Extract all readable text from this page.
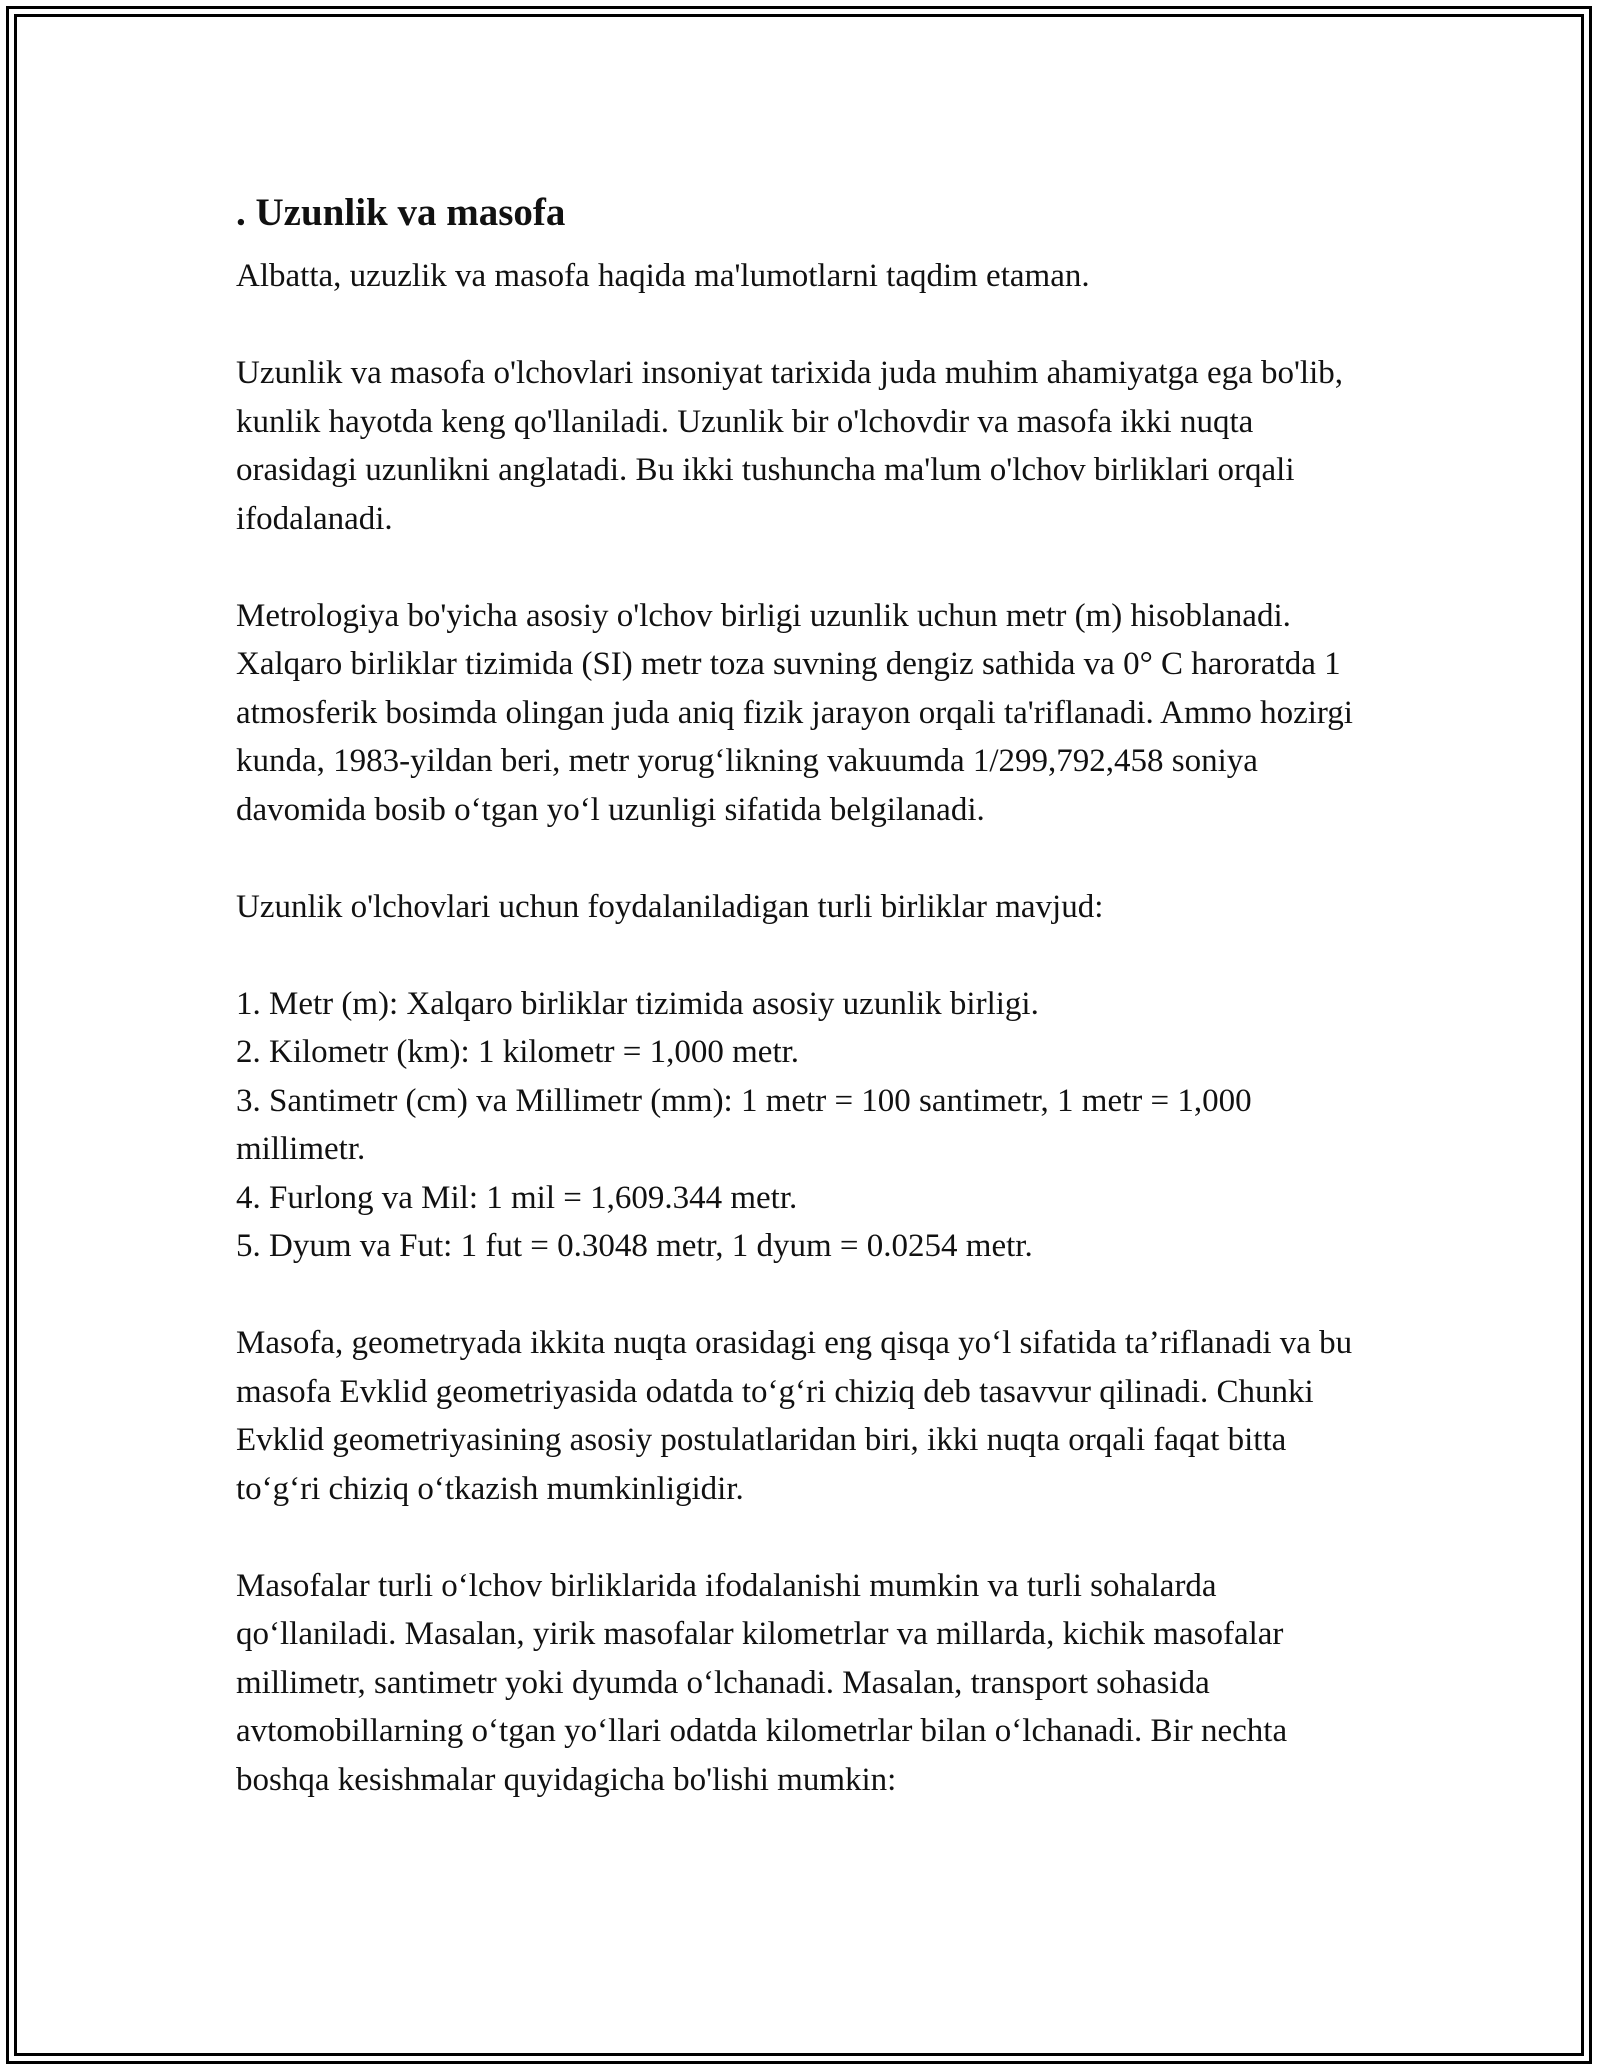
. Uzunlik va masofa

Albatta, uzuzlik va masofa haqida ma'lumotlarni taqdim etaman.

Uzunlik va masofa o'lchovlari insoniyat tarixida juda muhim ahamiyatga ega bo'lib, kunlik hayotda keng qo'llaniladi. Uzunlik bir o'lchovdir va masofa ikki nuqta orasidagi uzunlikni anglatadi. Bu ikki tushuncha ma'lum o'lchov birliklari orqali ifodalanadi.

Metrologiya bo'yicha asosiy o'lchov birligi uzunlik uchun metr (m) hisoblanadi. Xalqaro birliklar tizimida (SI) metr toza suvning dengiz sathida va 0° C haroratda 1 atmosferik bosimda olingan juda aniq fizik jarayon orqali ta'riflanadi. Ammo hozirgi kunda, 1983-yildan beri, metr yorug‘likning vakuumda 1/299,792,458 soniya davomida bosib o‘tgan yo‘l uzunligi sifatida belgilanadi.

Uzunlik o'lchovlari uchun foydalaniladigan turli birliklar mavjud:

1. Metr (m): Xalqaro birliklar tizimida asosiy uzunlik birligi.
2. Kilometr (km): 1 kilometr = 1,000 metr.
3. Santimetr (cm) va Millimetr (mm): 1 metr = 100 santimetr, 1 metr = 1,000 millimetr.
4. Furlong va Mil: 1 mil = 1,609.344 metr.
5. Dyum va Fut: 1 fut = 0.3048 metr, 1 dyum = 0.0254 metr.

Masofa, geometryada ikkita nuqta orasidagi eng qisqa yo‘l sifatida ta’riflanadi va bu masofa Evklid geometriyasida odatda to‘g‘ri chiziq deb tasavvur qilinadi. Chunki Evklid geometriyasining asosiy postulatlaridan biri, ikki nuqta orqali faqat bitta to‘g‘ri chiziq o‘tkazish mumkinligidir.

Masofalar turli o‘lchov birliklarida ifodalanishi mumkin va turli sohalarda qo‘llaniladi. Masalan, yirik masofalar kilometrlar va millarda, kichik masofalar millimetr, santimetr yoki dyumda o‘lchanadi. Masalan, transport sohasida avtomobillarning o‘tgan yo‘llari odatda kilometrlar bilan o‘lchanadi. Bir nechta boshqa kesishmalar quyidagicha bo'lishi mumkin:
